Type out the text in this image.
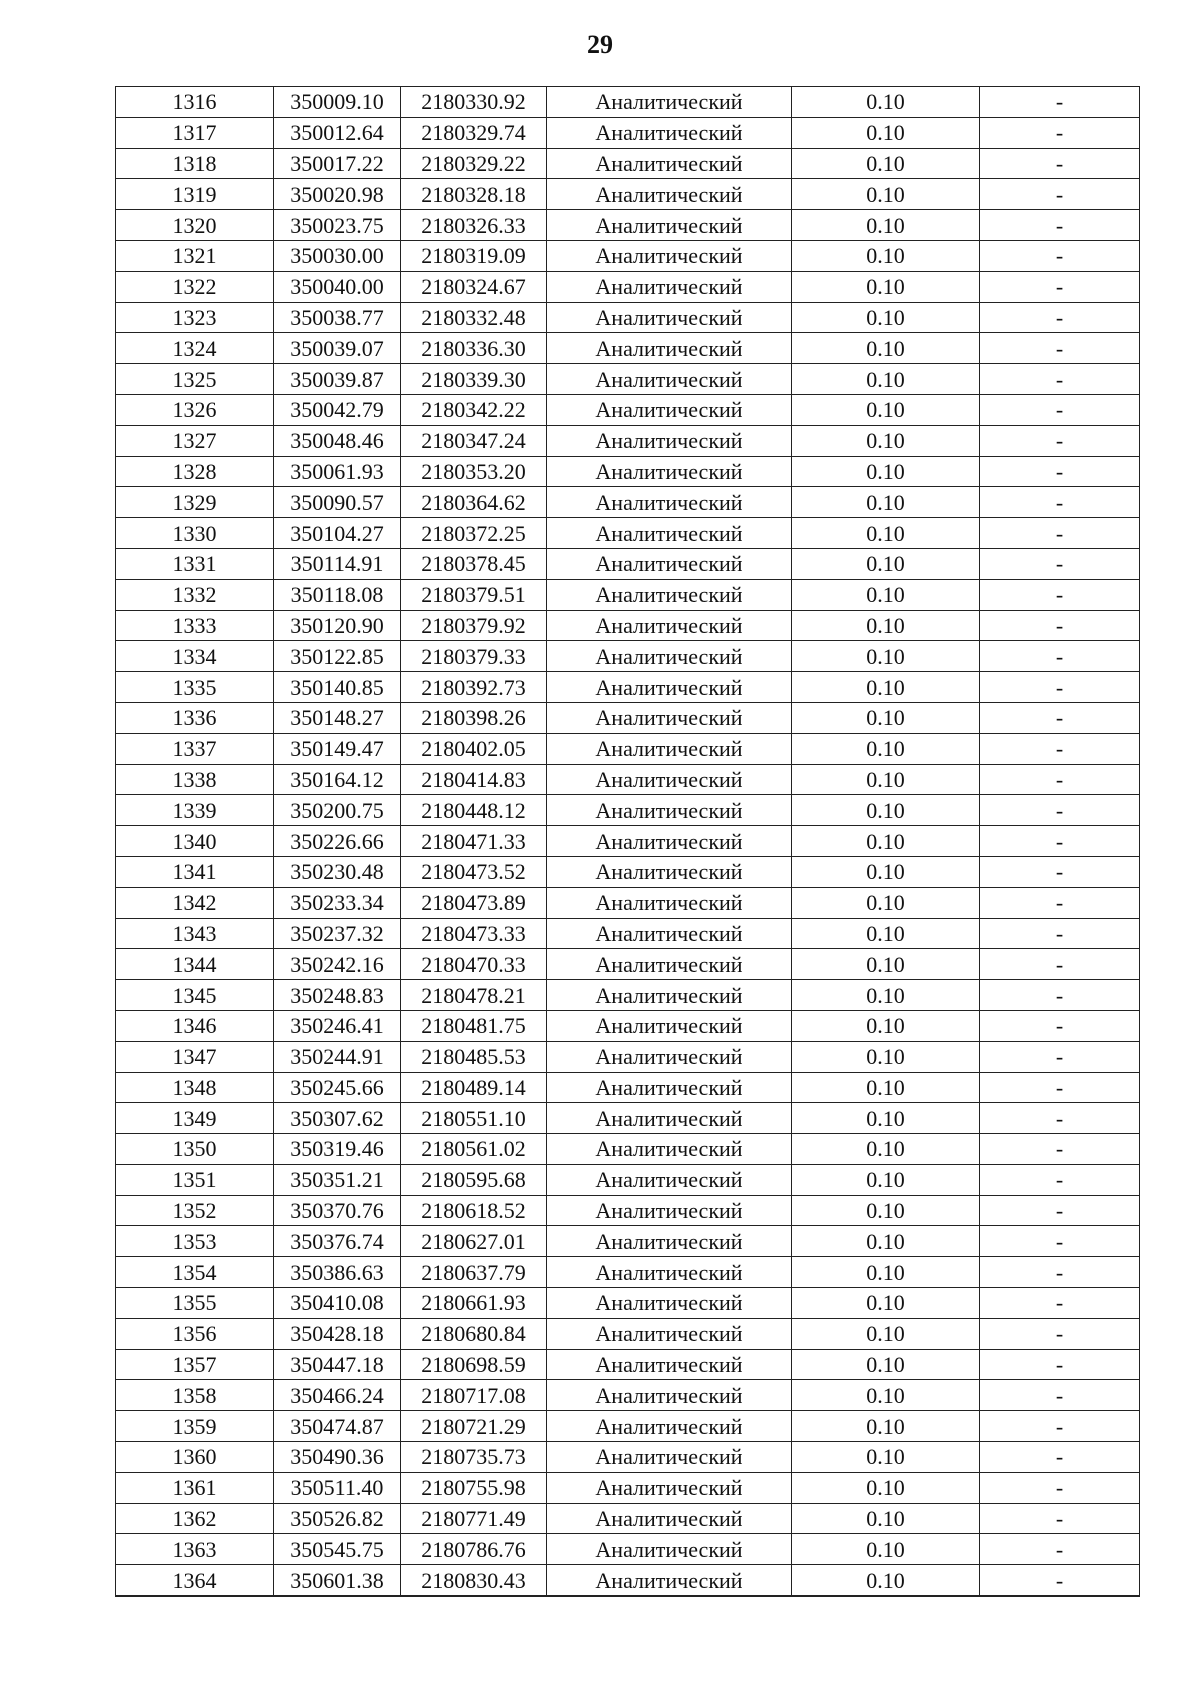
29
1316	350009.10	2180330.92	Аналитический	0.10	-
1317	350012.64	2180329.74	Аналитический	0.10	-
1318	350017.22	2180329.22	Аналитический	0.10	-
1319	350020.98	2180328.18	Аналитический	0.10	-
1320	350023.75	2180326.33	Аналитический	0.10	-
1321	350030.00	2180319.09	Аналитический	0.10	-
1322	350040.00	2180324.67	Аналитический	0.10	-
1323	350038.77	2180332.48	Аналитический	0.10	-
1324	350039.07	2180336.30	Аналитический	0.10	-
1325	350039.87	2180339.30	Аналитический	0.10	-
1326	350042.79	2180342.22	Аналитический	0.10	-
1327	350048.46	2180347.24	Аналитический	0.10	-
1328	350061.93	2180353.20	Аналитический	0.10	-
1329	350090.57	2180364.62	Аналитический	0.10	-
1330	350104.27	2180372.25	Аналитический	0.10	-
1331	350114.91	2180378.45	Аналитический	0.10	-
1332	350118.08	2180379.51	Аналитический	0.10	-
1333	350120.90	2180379.92	Аналитический	0.10	-
1334	350122.85	2180379.33	Аналитический	0.10	-
1335	350140.85	2180392.73	Аналитический	0.10	-
1336	350148.27	2180398.26	Аналитический	0.10	-
1337	350149.47	2180402.05	Аналитический	0.10	-
1338	350164.12	2180414.83	Аналитический	0.10	-
1339	350200.75	2180448.12	Аналитический	0.10	-
1340	350226.66	2180471.33	Аналитический	0.10	-
1341	350230.48	2180473.52	Аналитический	0.10	-
1342	350233.34	2180473.89	Аналитический	0.10	-
1343	350237.32	2180473.33	Аналитический	0.10	-
1344	350242.16	2180470.33	Аналитический	0.10	-
1345	350248.83	2180478.21	Аналитический	0.10	-
1346	350246.41	2180481.75	Аналитический	0.10	-
1347	350244.91	2180485.53	Аналитический	0.10	-
1348	350245.66	2180489.14	Аналитический	0.10	-
1349	350307.62	2180551.10	Аналитический	0.10	-
1350	350319.46	2180561.02	Аналитический	0.10	-
1351	350351.21	2180595.68	Аналитический	0.10	-
1352	350370.76	2180618.52	Аналитический	0.10	-
1353	350376.74	2180627.01	Аналитический	0.10	-
1354	350386.63	2180637.79	Аналитический	0.10	-
1355	350410.08	2180661.93	Аналитический	0.10	-
1356	350428.18	2180680.84	Аналитический	0.10	-
1357	350447.18	2180698.59	Аналитический	0.10	-
1358	350466.24	2180717.08	Аналитический	0.10	-
1359	350474.87	2180721.29	Аналитический	0.10	-
1360	350490.36	2180735.73	Аналитический	0.10	-
1361	350511.40	2180755.98	Аналитический	0.10	-
1362	350526.82	2180771.49	Аналитический	0.10	-
1363	350545.75	2180786.76	Аналитический	0.10	-
1364	350601.38	2180830.43	Аналитический	0.10	-
